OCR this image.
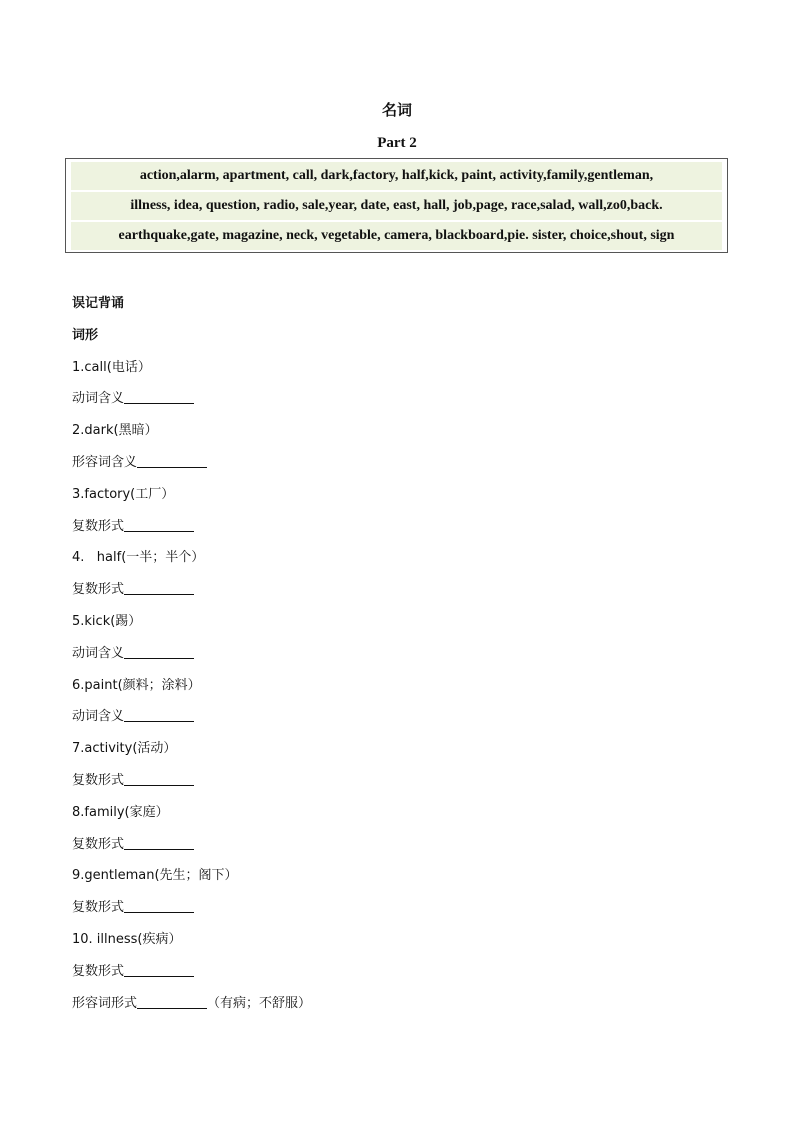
名词
Part 2
action,alarm, apartment, call, dark,factory, half,kick, paint, activity,family,gentleman,
illness, idea, question, radio, sale,year, date, east, hall, job,page, race,salad, wall,zo0,back.
earthquake,gate, magazine, neck, vegetable, camera, blackboard,pie. sister, choice,shout, sign
误记背诵
词形
1.call(电话）
动词含义
2.dark(黑暗）
形容词含义
3.factory(工厂）
复数形式
4.   half(一半；半个）
复数形式
5.kick(踢）
动词含义
6.paint(颜料；涂料）
动词含义
7.activity(活动）
复数形式
8.family(家庭）
复数形式
9.gentleman(先生；阁下）
复数形式
10. illness(疾病）
复数形式
形容词形式	（有病；不舒服）
